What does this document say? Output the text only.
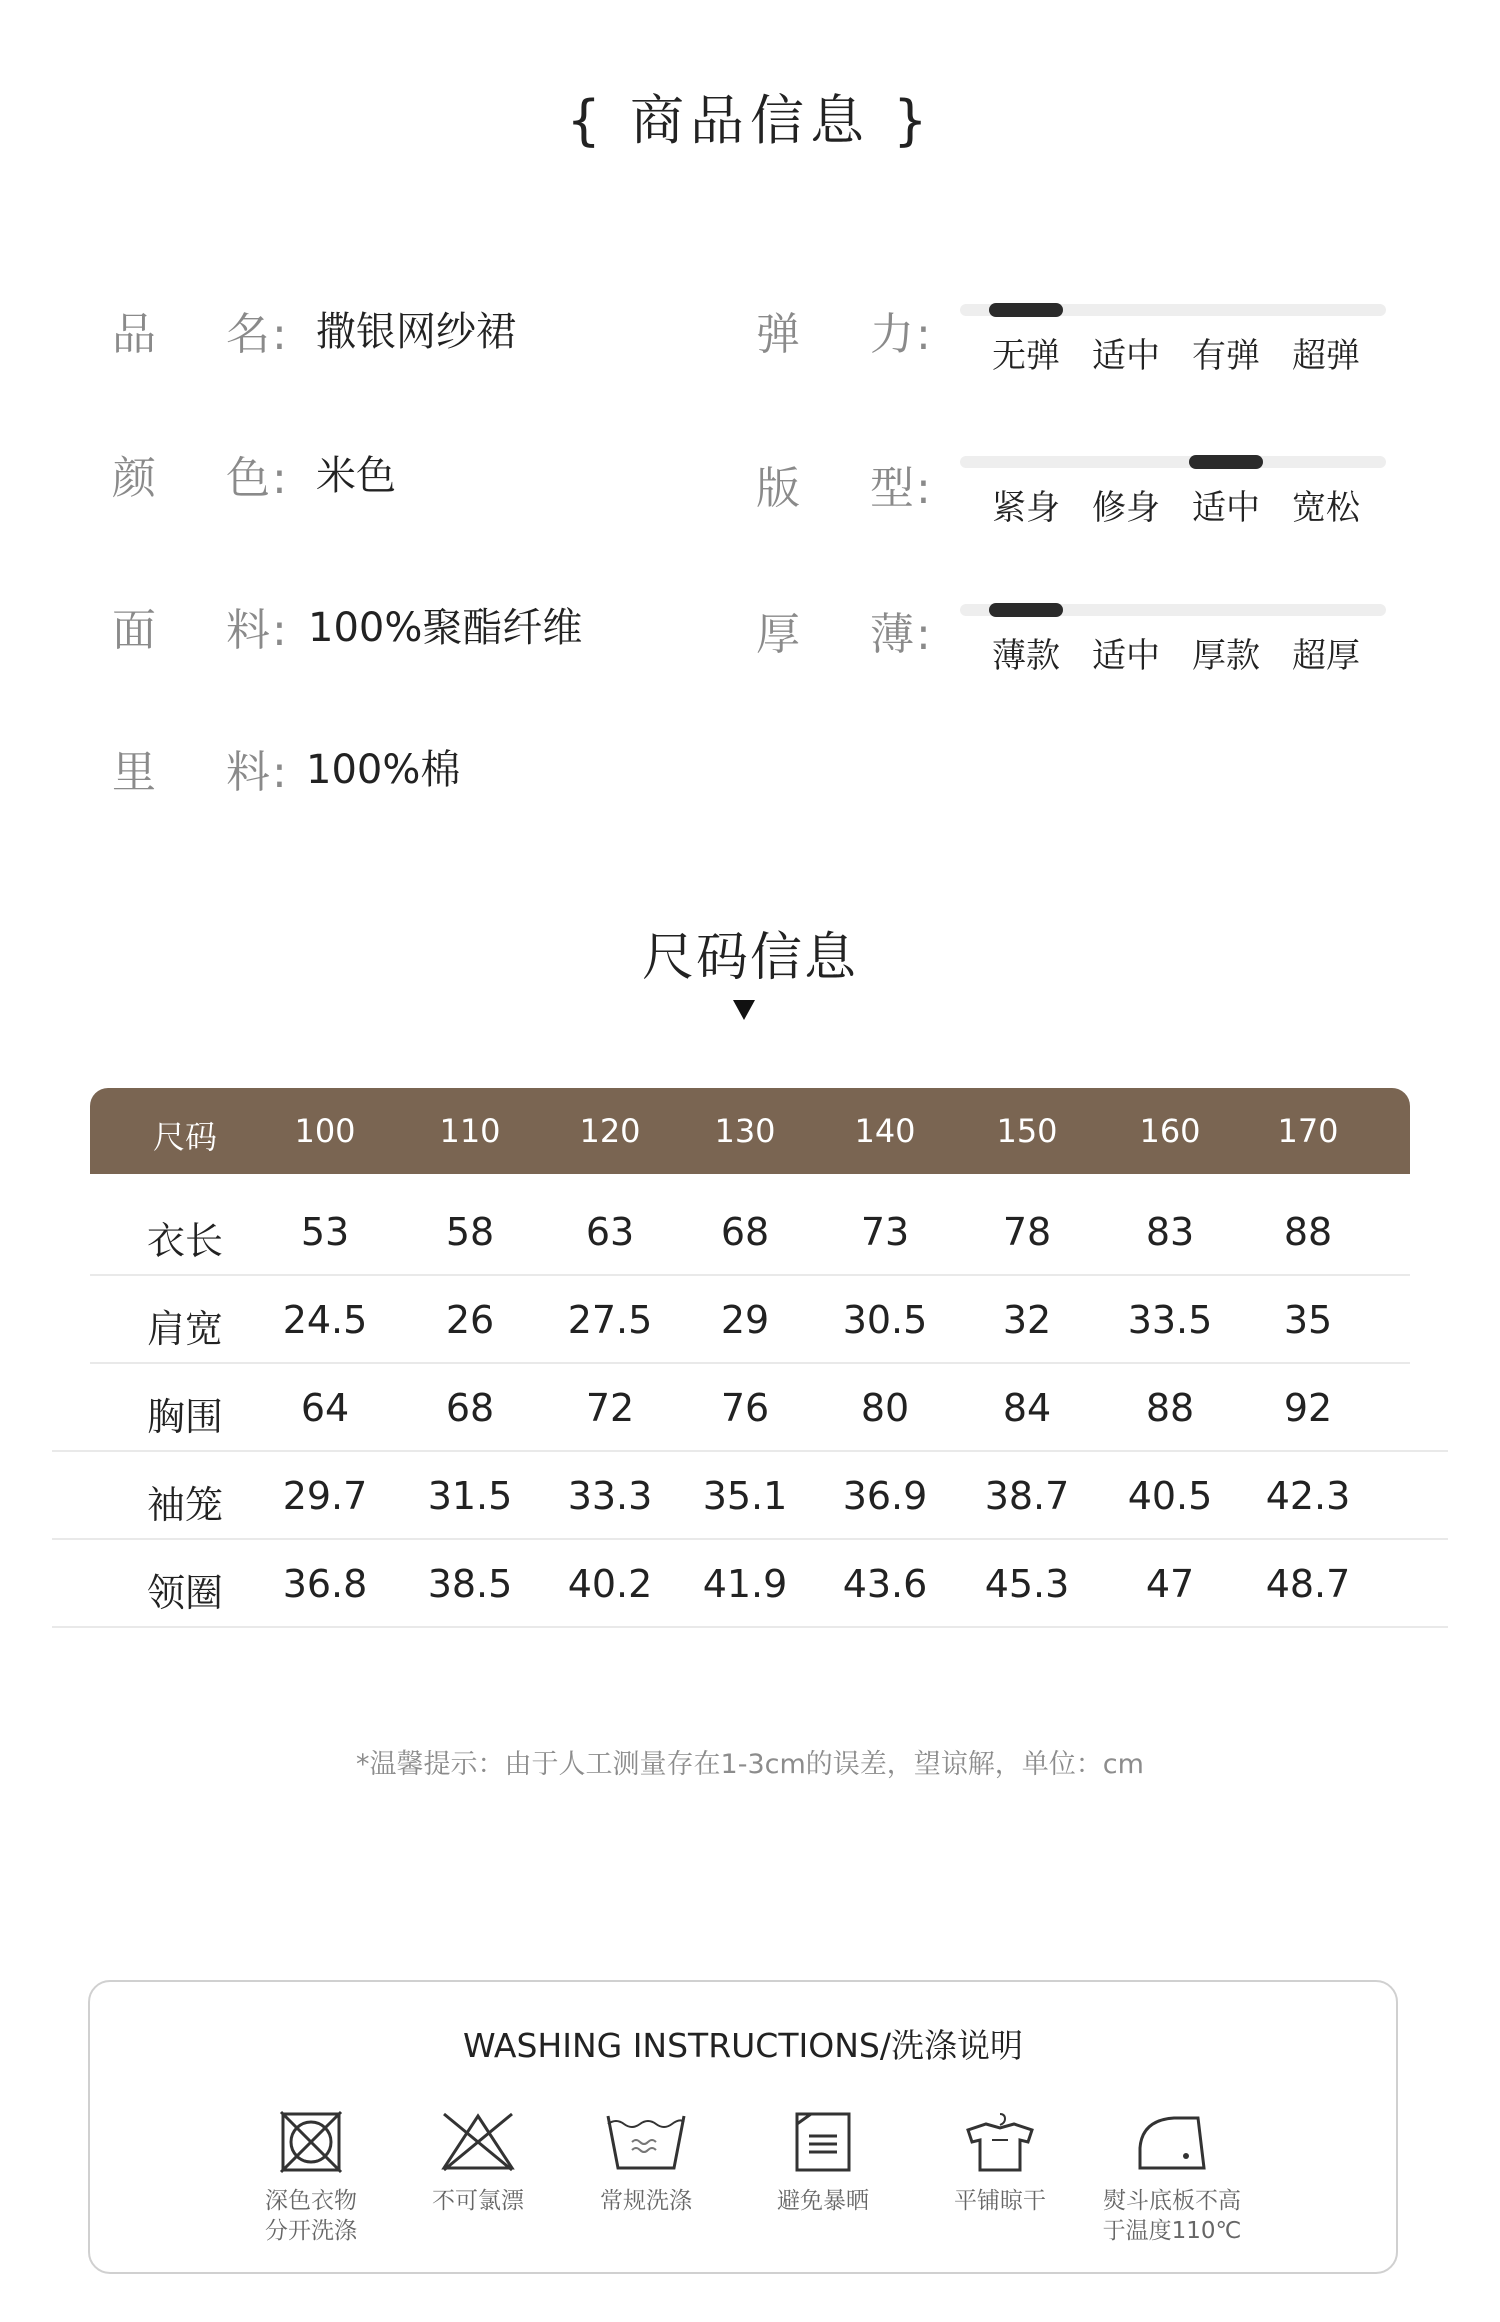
{ 商品信息 }
品 名: 撒银网纱裙
颜 色: 米色
面 料: 100%聚酯纤维
里 料: 100%棉
弹 力:	无弹 适中 有弹 超弹
版 型:	紧身 修身 适中 宽松
厚 薄:	薄款 适中 厚款 超厚
尺码信息
尺码	100	110	120	130	140	150	160	170
衣长	53	58	63	68	73	78	83	88
肩宽	24.5	26	27.5	29	30.5	32	33.5	35
胸围	64	68	72	76	80	84	88	92
袖笼	29.7	31.5	33.3	35.1	36.9	38.7	40.5	42.3
领圈	36.8	38.5	40.2	41.9	43.6	45.3	47	48.7
*温馨提示：由于人工测量存在1-3cm的误差，望谅解，单位：cm
WASHING INSTRUCTIONS/洗涤说明
深色衣物
分开洗涤
不可氯漂	常规洗涤	避免暴晒	平铺晾干	熨斗底板不高
于温度110℃
